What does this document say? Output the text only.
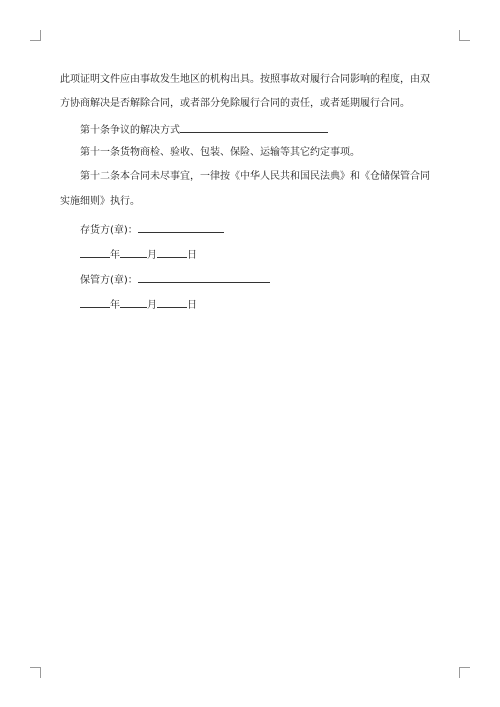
此项证明文件应由事故发生地区的机构出具。按照事故对履行合同影响的程度，由双
方协商解决是否解除合同，或者部分免除履行合同的责任，或者延期履行合同。
第十条争议的解决方式
第十一条货物商检、验收、包装、保险、运输等其它约定事项。
第十二条本合同未尽事宜，一律按《中华人民共和国民法典》和《仓储保管合同
实施细则》执行。
存货方(章)：
年	月	日
保管方(章)：
年	月	日
